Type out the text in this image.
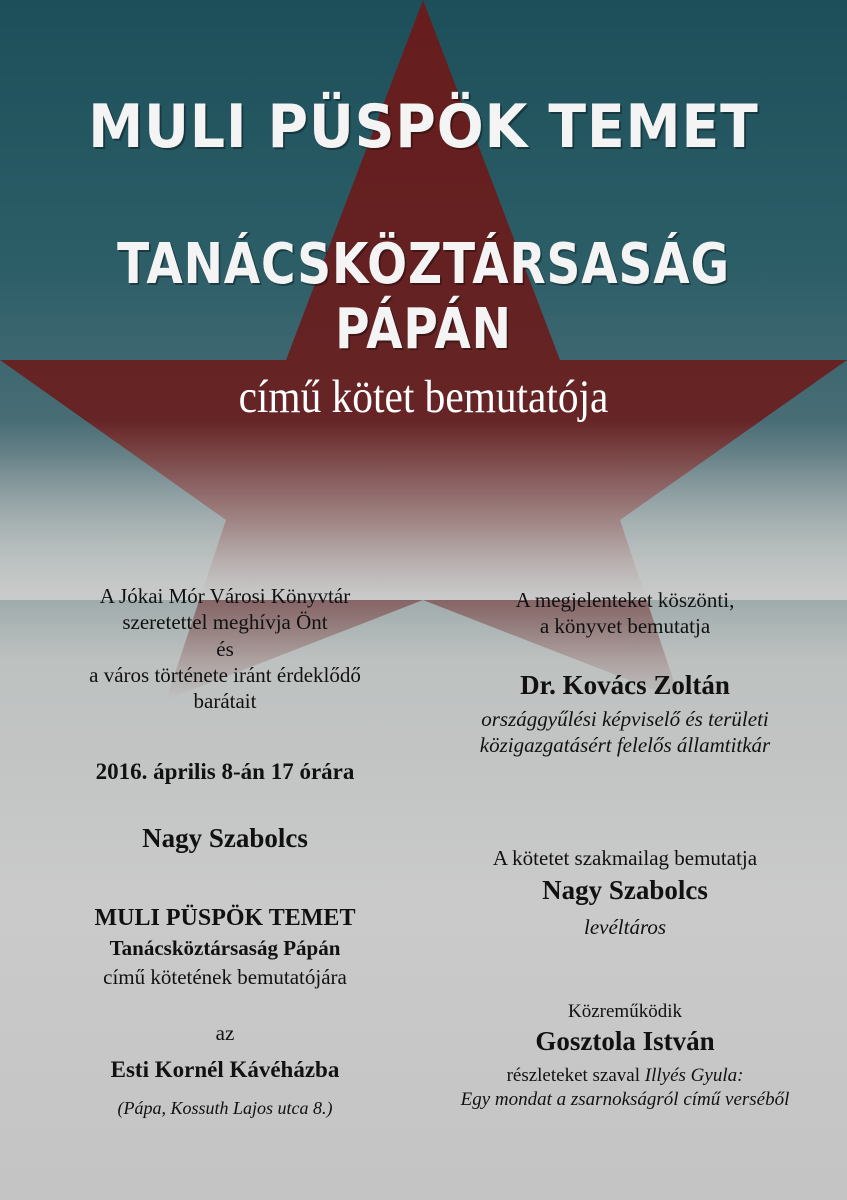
MULI PÜSPÖK TEMET
TANÁCSKÖZTÁRSASÁG PÁPÁN
című kötet bemutatója
A Jókai Mór Városi Könyvtár
szeretettel meghívja Önt
és
a város története iránt érdeklődő
barátait
2016. április 8-án 17 órára
Nagy Szabolcs
MULI PÜSPÖK TEMET
Tanácsköztársaság Pápán
című kötetének bemutatójára
az
Esti Kornél Kávéházba
(Pápa, Kossuth Lajos utca 8.)
A megjelenteket köszönti,
a könyvet bemutatja
Dr. Kovács Zoltán
országgyűlési képviselő és területi
közigazgatásért felelős államtitkár
A kötetet szakmailag bemutatja
Nagy Szabolcs
levéltáros
Közreműködik
Gosztola István
részleteket szaval Illyés Gyula:
Egy mondat a zsarnokságról című verséből
